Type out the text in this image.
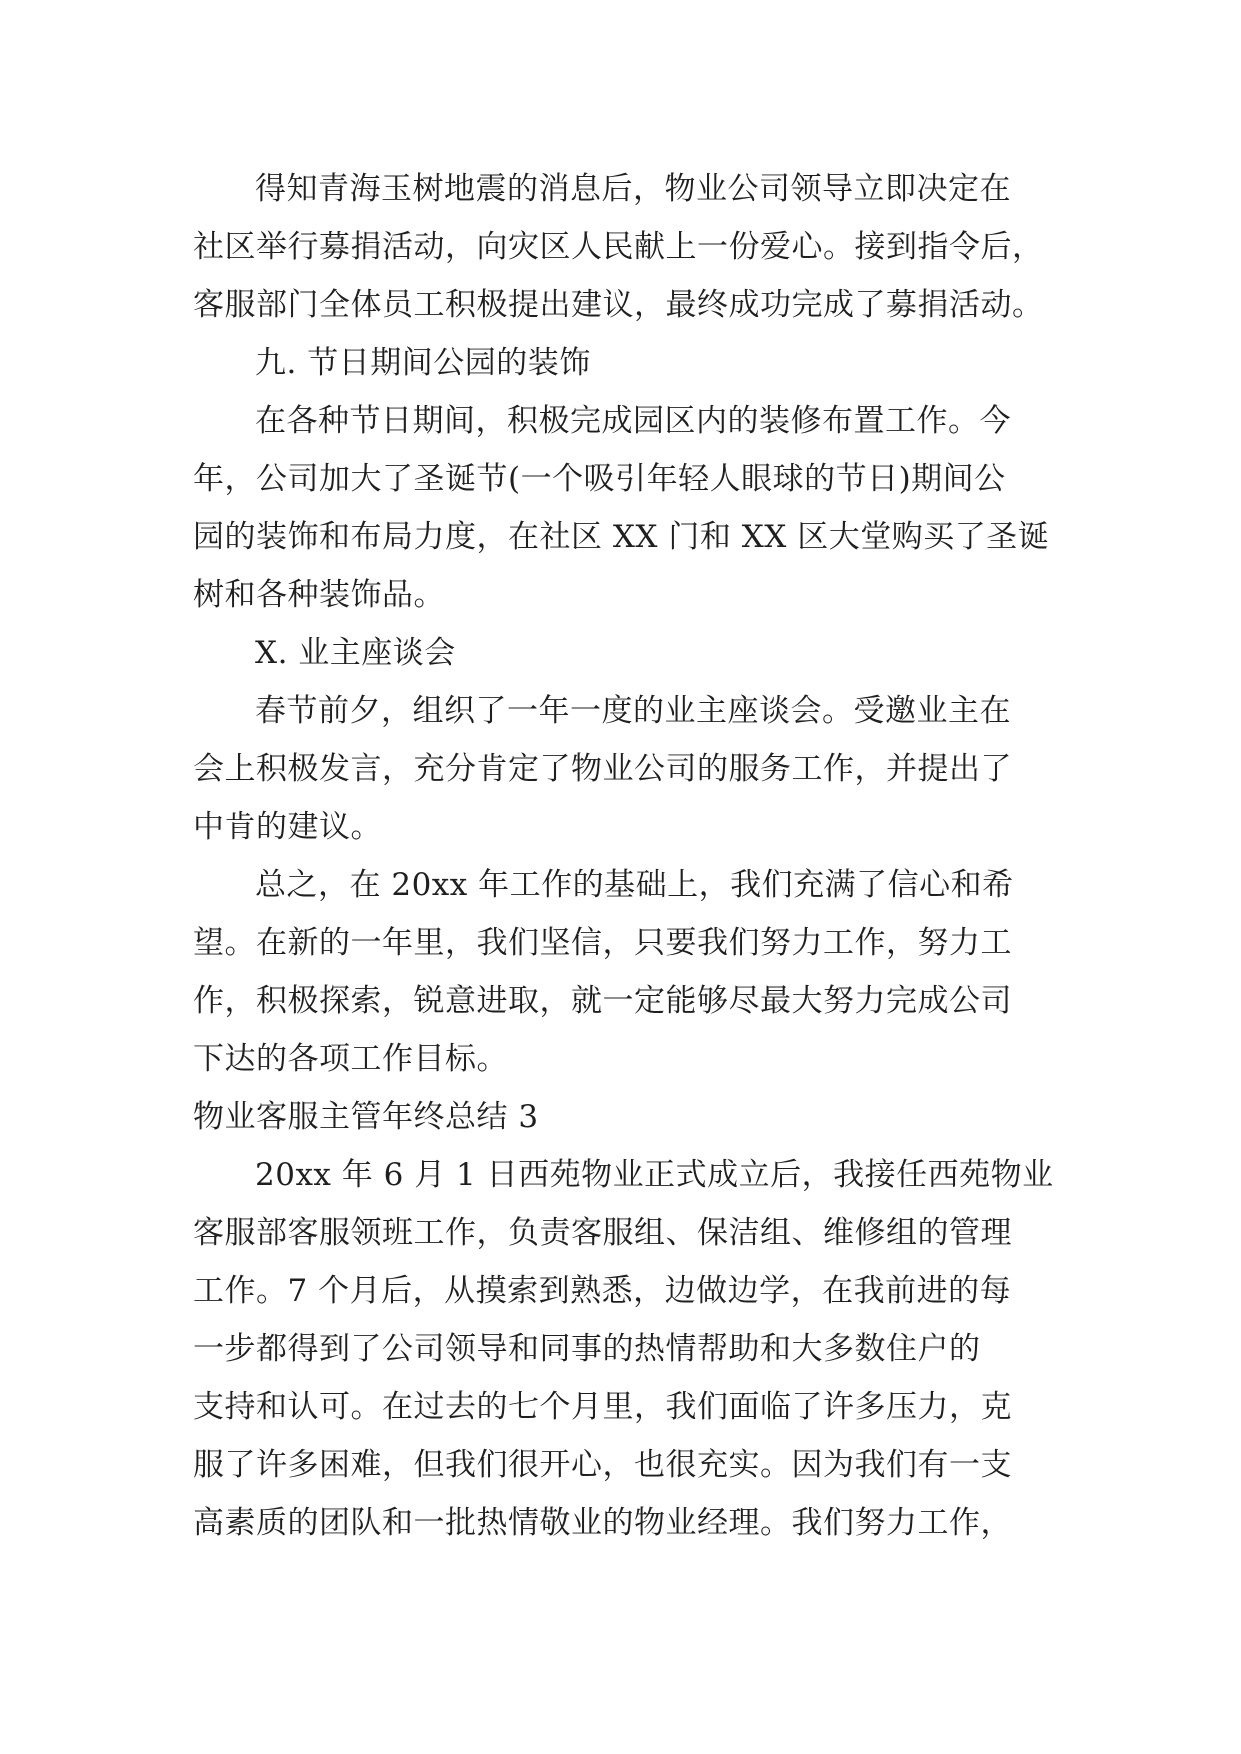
得知青海玉树地震的消息后，物业公司领导立即决定在
社区举行募捐活动，向灾区人民献上一份爱心。接到指令后，
客服部门全体员工积极提出建议，最终成功完成了募捐活动。
九. 节日期间公园的装饰
在各种节日期间，积极完成园区内的装修布置工作。今
年，公司加大了圣诞节(一个吸引年轻人眼球的节日)期间公
园的装饰和布局力度，在社区 XX 门和 XX 区大堂购买了圣诞
树和各种装饰品。
X. 业主座谈会
春节前夕，组织了一年一度的业主座谈会。受邀业主在
会上积极发言，充分肯定了物业公司的服务工作，并提出了
中肯的建议。
总之，在 20xx 年工作的基础上，我们充满了信心和希
望。在新的一年里，我们坚信，只要我们努力工作，努力工
作，积极探索，锐意进取，就一定能够尽最大努力完成公司
下达的各项工作目标。
物业客服主管年终总结 3
20xx 年 6 月 1 日西苑物业正式成立后，我接任西苑物业
客服部客服领班工作，负责客服组、保洁组、维修组的管理
工作。7 个月后，从摸索到熟悉，边做边学，在我前进的每
一步都得到了公司领导和同事的热情帮助和大多数住户的
支持和认可。在过去的七个月里，我们面临了许多压力，克
服了许多困难，但我们很开心，也很充实。因为我们有一支
高素质的团队和一批热情敬业的物业经理。我们努力工作，
